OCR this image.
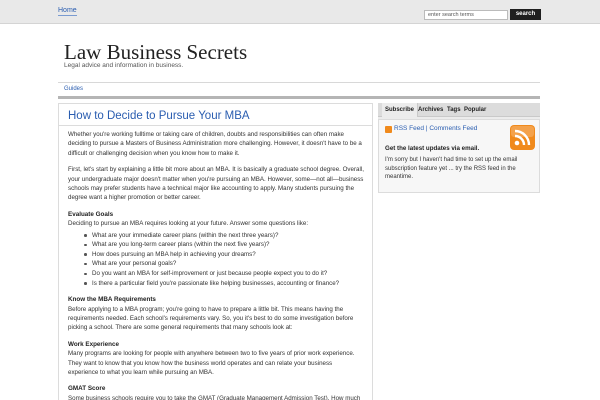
Home
enter search terms	search
Law Business Secrets
Legal advice and information in business.
Guides
How to Decide to Pursue Your MBA

Whether you're working fulltime or taking care of children, doubts and responsibilities can often make deciding to pursue a Masters of Business Administration more challenging. However, it doesn't have to be a difficult or challenging decision when you know how to make it.

First, let's start by explaining a little bit more about an MBA. It is basically a graduate school degree. Overall, your undergraduate major doesn't matter when you're pursuing an MBA. However, some—not all—business schools may prefer students have a technical major like accounting to apply. Many students pursuing the degree want a higher promotion or better career.

Evaluate Goals

Deciding to pursue an MBA requires looking at your future. Answer some questions like:

What are your immediate career plans (within the next three years)?
What are you long-term career plans (within the next five years)?
How does pursuing an MBA help in achieving your dreams?
What are your personal goals?
Do you want an MBA for self-improvement or just because people expect you to do it?
Is there a particular field you're passionate like helping businesses, accounting or finance?
Know the MBA Requirements

Before applying to a MBA program; you're going to have to prepare a little bit. This means having the requirements needed. Each school's requirements vary. So, you it's best to do some investigation before picking a school. There are some general requirements that many schools look at:

Work Experience

Many programs are looking for people with anywhere between two to five years of prior work experience. They want to know that you know how the business world operates and can relate your business experience to what you learn while pursuing an MBA.

GMAT Score

Some business schools require you to take the GMAT (Graduate Management Admission Test). How much

Subscribe Archives Tags Popular
RSS Feed | Comments Feed
Get the latest updates via email.
I'm sorry but I haven't had time to set up the email subscription feature yet ... try the RSS feed in the meantime.
